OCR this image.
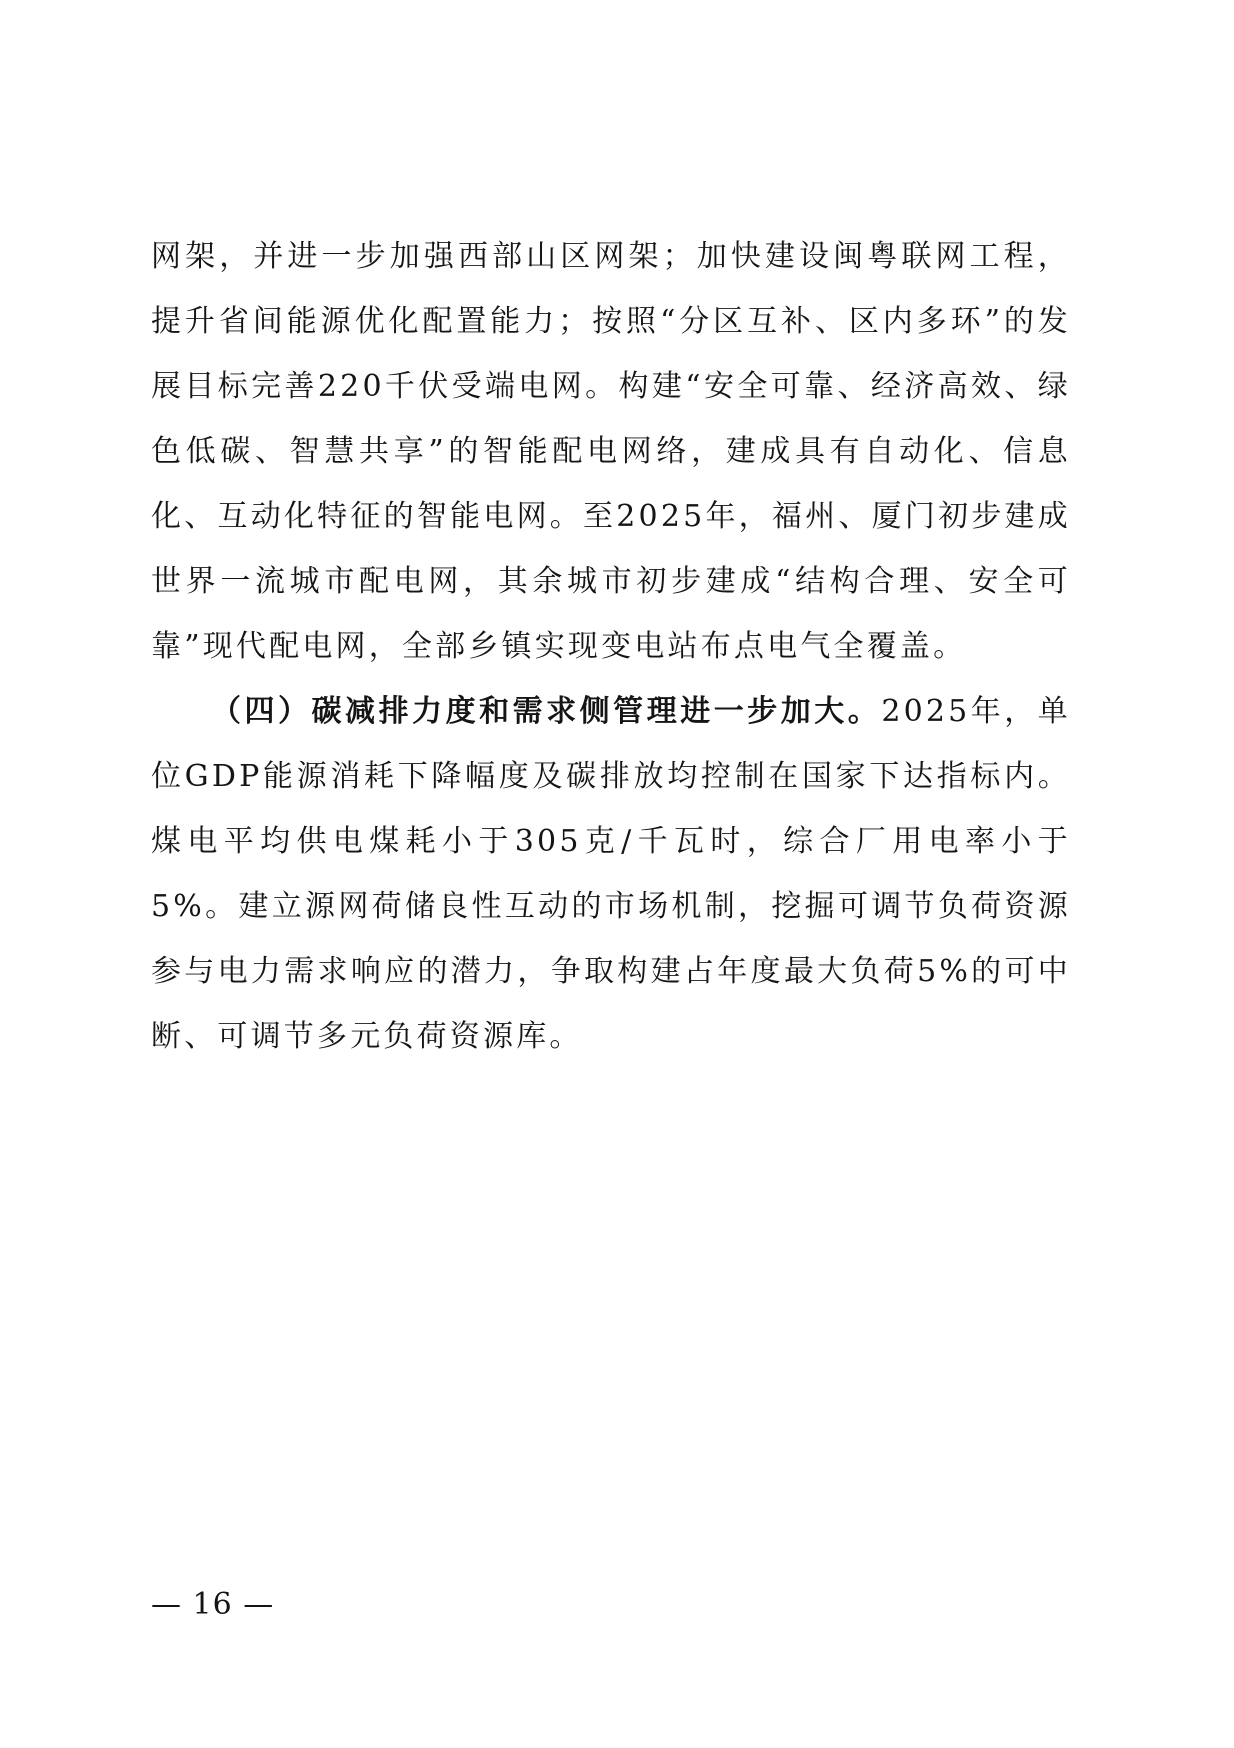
网架，并进一步加强西部山区网架；加快建设闽粤联网工程，提升省间能源优化配置能力；按照“分区互补、区内多环”的发展目标完善220千伏受端电网。构建“安全可靠、经济高效、绿色低碳、智慧共享”的智能配电网络，建成具有自动化、信息化、互动化特征的智能电网。至2025年，福州、厦门初步建成世界一流城市配电网，其余城市初步建成“结构合理、安全可靠”现代配电网，全部乡镇实现变电站布点电气全覆盖。

（四）碳减排力度和需求侧管理进一步加大。2025年，单位GDP能源消耗下降幅度及碳排放均控制在国家下达指标内。煤电平均供电煤耗小于305克/千瓦时，综合厂用电率小于5%。建立源网荷储良性互动的市场机制，挖掘可调节负荷资源参与电力需求响应的潜力，争取构建占年度最大负荷5%的可中断、可调节多元负荷资源库。

— 16 —
